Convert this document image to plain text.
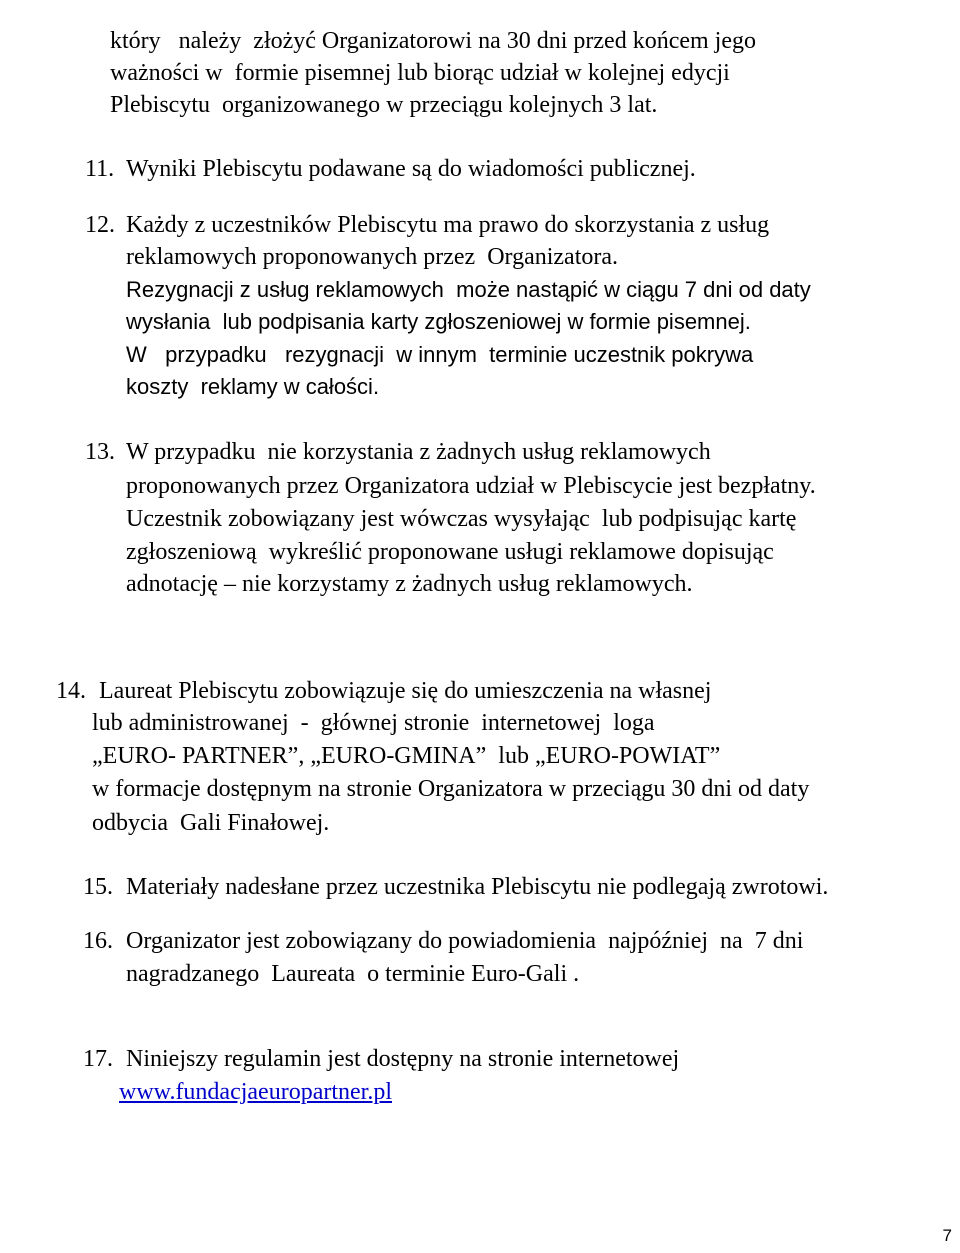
który   należy  złożyć Organizatorowi na 30 dni przed końcem jego
ważności w  formie pisemnej lub biorąc udział w kolejnej edycji
Plebiscytu  organizowanego w przeciągu kolejnych 3 lat.
11. Wyniki Plebiscytu podawane są do wiadomości publicznej.
12. Każdy z uczestników Plebiscytu ma prawo do skorzystania z usług
reklamowych proponowanych przez  Organizatora.
Rezygnacji z usług reklamowych  może nastąpić w ciągu 7 dni od daty
wysłania  lub podpisania karty zgłoszeniowej w formie pisemnej.
W   przypadku   rezygnacji  w innym  terminie uczestnik pokrywa
koszty  reklamy w całości.
13. W przypadku  nie korzystania z żadnych usług reklamowych
proponowanych przez Organizatora udział w Plebiscycie jest bezpłatny.
Uczestnik zobowiązany jest wówczas wysyłając  lub podpisując kartę
zgłoszeniową  wykreślić proponowane usługi reklamowe dopisując
adnotację – nie korzystamy z żadnych usług reklamowych.
14. Laureat Plebiscytu zobowiązuje się do umieszczenia na własnej
lub administrowanej  -  głównej stronie  internetowej  loga
„EURO- PARTNER”, „EURO-GMINA”  lub „EURO-POWIAT”
w formacje dostępnym na stronie Organizatora w przeciągu 30 dni od daty
odbycia  Gali Finałowej.
15. Materiały nadesłane przez uczestnika Plebiscytu nie podlegają zwrotowi.
16. Organizator jest zobowiązany do powiadomienia  najpóźniej  na  7 dni
nagradzanego  Laureata  o terminie Euro-Gali .
17. Niniejszy regulamin jest dostępny na stronie internetowej
www.fundacjaeuropartner.pl
7
